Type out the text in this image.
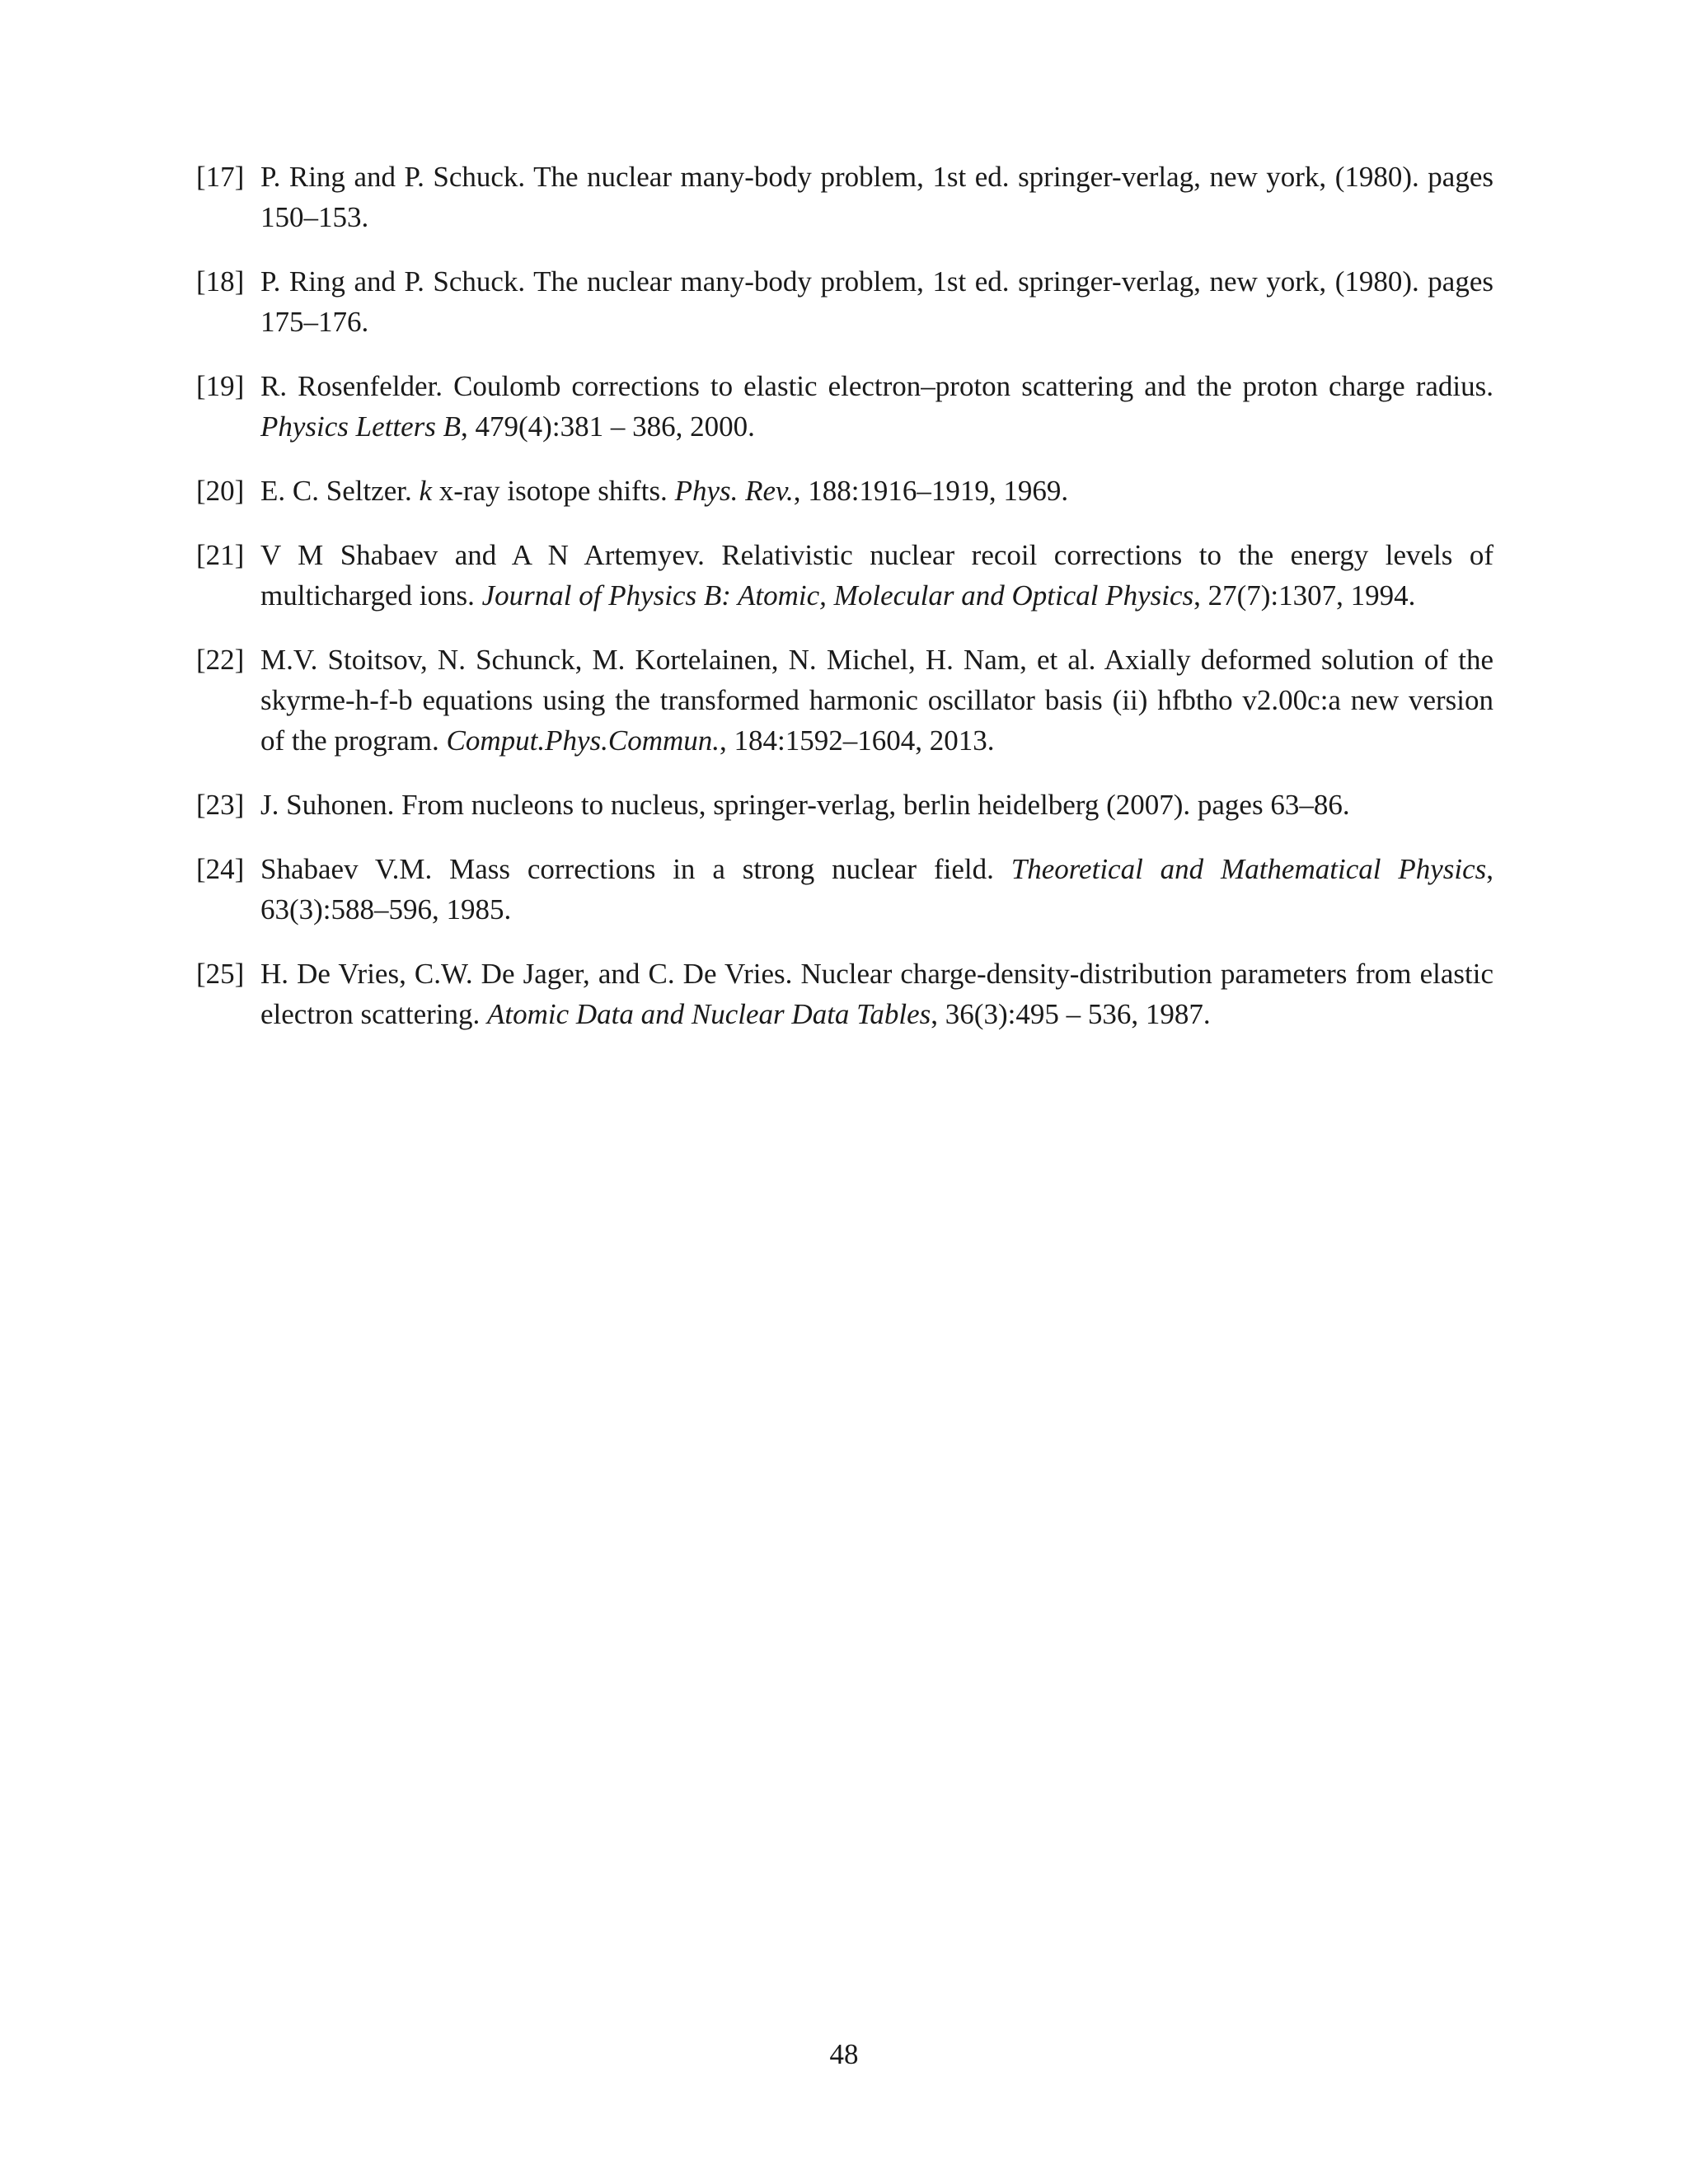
[17] P. Ring and P. Schuck. The nuclear many-body problem, 1st ed. springer-verlag, new york, (1980). pages 150–153.
[18] P. Ring and P. Schuck. The nuclear many-body problem, 1st ed. springer-verlag, new york, (1980). pages 175–176.
[19] R. Rosenfelder. Coulomb corrections to elastic electron–proton scattering and the proton charge radius. Physics Letters B, 479(4):381 – 386, 2000.
[20] E. C. Seltzer. k x-ray isotope shifts. Phys. Rev., 188:1916–1919, 1969.
[21] V M Shabaev and A N Artemyev. Relativistic nuclear recoil corrections to the energy levels of multicharged ions. Journal of Physics B: Atomic, Molecular and Optical Physics, 27(7):1307, 1994.
[22] M.V. Stoitsov, N. Schunck, M. Kortelainen, N. Michel, H. Nam, et al. Axially deformed solution of the skyrme-h-f-b equations using the transformed harmonic oscillator basis (ii) hfbtho v2.00c:a new version of the program. Comput.Phys.Commun., 184:1592–1604, 2013.
[23] J. Suhonen. From nucleons to nucleus, springer-verlag, berlin heidelberg (2007). pages 63–86.
[24] Shabaev V.M. Mass corrections in a strong nuclear field. Theoretical and Mathematical Physics, 63(3):588–596, 1985.
[25] H. De Vries, C.W. De Jager, and C. De Vries. Nuclear charge-density-distribution parameters from elastic electron scattering. Atomic Data and Nuclear Data Tables, 36(3):495 – 536, 1987.
48
